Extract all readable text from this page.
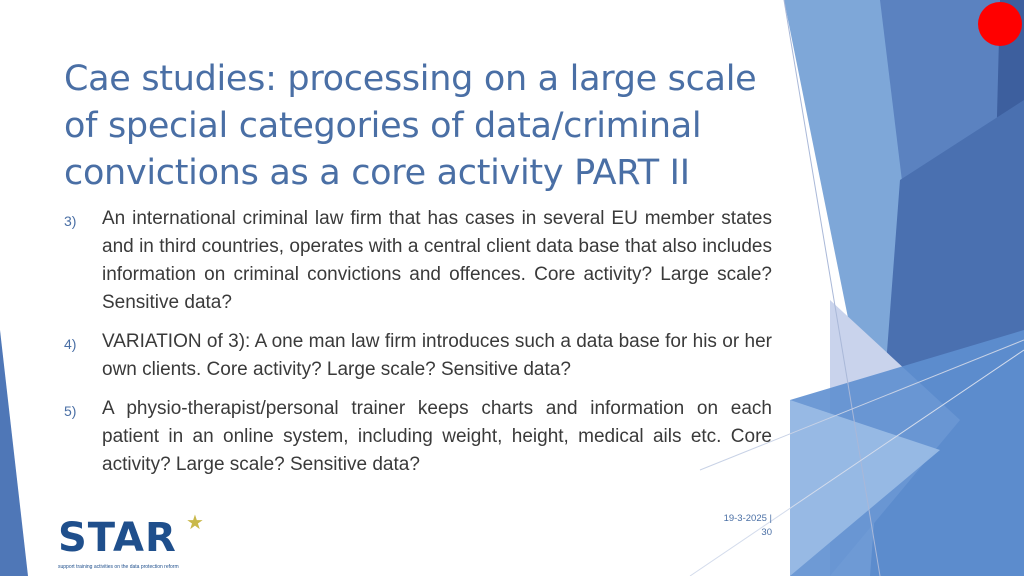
Cae studies: processing on a large scale of special categories of data/criminal convictions as a core activity PART II
3)	An international criminal law firm that has cases in several EU member states and in third countries, operates with a central client data base that also includes information on criminal convictions and offences. Core activity? Large scale? Sensitive data?
4)	VARIATION of 3): A one man law firm introduces such a data base for his or her own clients. Core activity? Large scale? Sensitive data?
5)	A physio-therapist/personal trainer keeps charts and information on each patient in an online system, including weight, height, medical ails etc. Core activity? Large scale? Sensitive data?
19-3-2025 | 30
STAR ★
support training activities on the data protection reform
